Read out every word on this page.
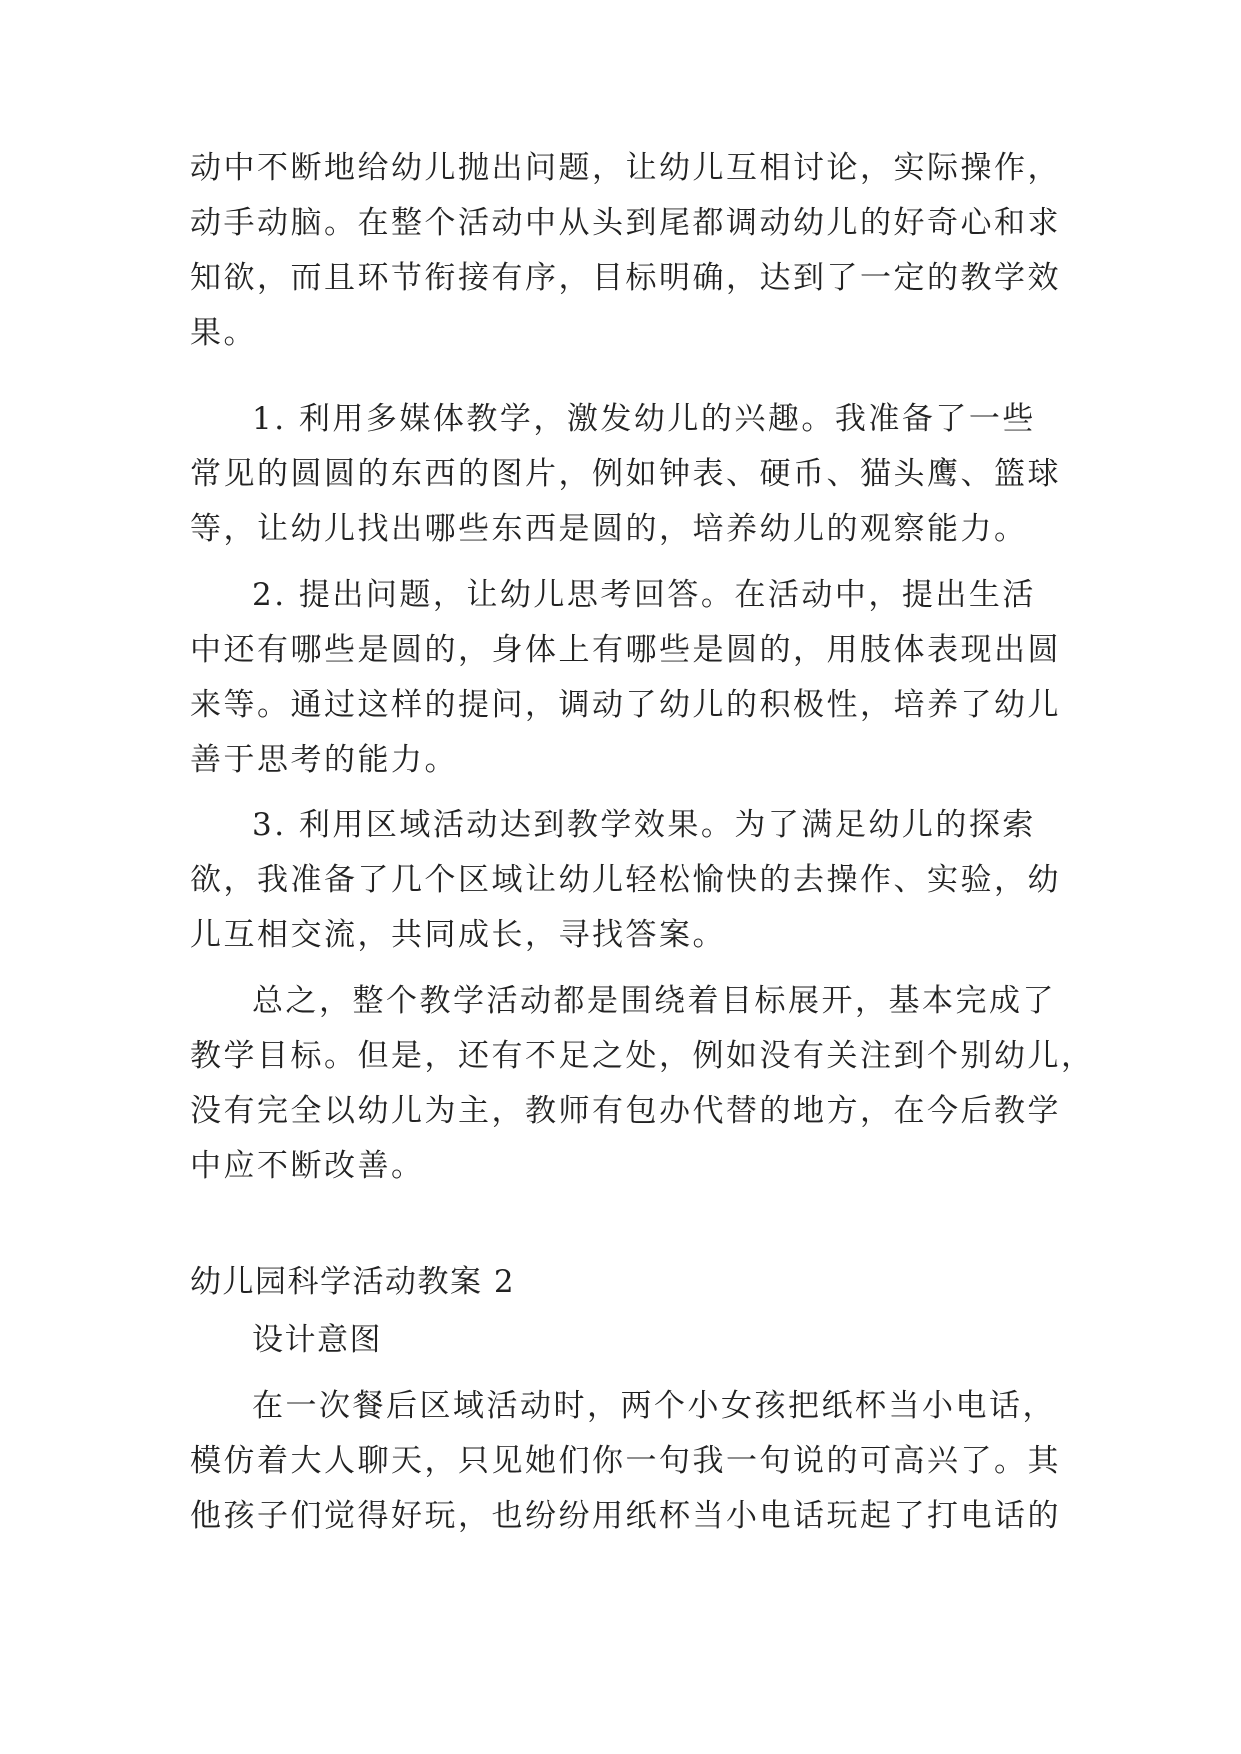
动中不断地给幼儿抛出问题，让幼儿互相讨论，实际操作，
动手动脑。在整个活动中从头到尾都调动幼儿的好奇心和求
知欲，而且环节衔接有序，目标明确，达到了一定的教学效
果。
1. 利用多媒体教学，激发幼儿的兴趣。我准备了一些
常见的圆圆的东西的图片，例如钟表、硬币、猫头鹰、篮球
等，让幼儿找出哪些东西是圆的，培养幼儿的观察能力。
2. 提出问题，让幼儿思考回答。在活动中，提出生活
中还有哪些是圆的，身体上有哪些是圆的，用肢体表现出圆
来等。通过这样的提问，调动了幼儿的积极性，培养了幼儿
善于思考的能力。
3. 利用区域活动达到教学效果。为了满足幼儿的探索
欲，我准备了几个区域让幼儿轻松愉快的去操作、实验，幼
儿互相交流，共同成长，寻找答案。
总之，整个教学活动都是围绕着目标展开，基本完成了
教学目标。但是，还有不足之处，例如没有关注到个别幼儿，
没有完全以幼儿为主，教师有包办代替的地方，在今后教学
中应不断改善。
幼儿园科学活动教案 2
设计意图
在一次餐后区域活动时，两个小女孩把纸杯当小电话，
模仿着大人聊天，只见她们你一句我一句说的可高兴了。其
他孩子们觉得好玩，也纷纷用纸杯当小电话玩起了打电话的
